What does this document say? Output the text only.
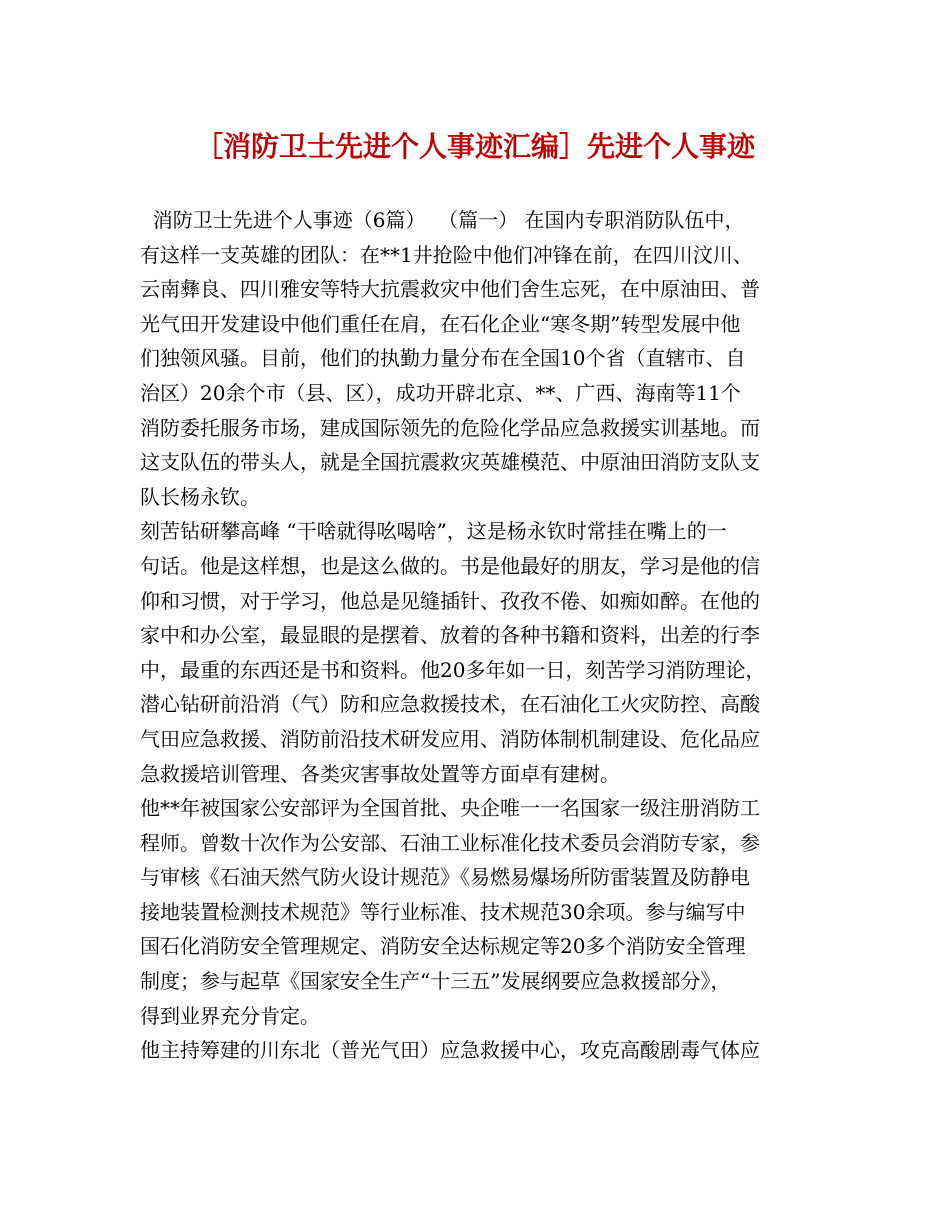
［消防卫士先进个人事迹汇编］先进个人事迹
消防卫士先进个人事迹（6篇）  （篇一） 在国内专职消防队伍中，
有这样一支英雄的团队：在**1井抢险中他们冲锋在前，在四川汶川、
云南彝良、四川雅安等特大抗震救灾中他们舍生忘死，在中原油田、普
光气田开发建设中他们重任在肩，在石化企业“寒冬期”转型发展中他
们独领风骚。目前，他们的执勤力量分布在全国10个省（直辖市、自
治区）20余个市（县、区），成功开辟北京、**、广西、海南等11个
消防委托服务市场，建成国际领先的危险化学品应急救援实训基地。而
这支队伍的带头人，就是全国抗震救灾英雄模范、中原油田消防支队支
队长杨永钦。
刻苦钻研攀高峰 “干啥就得吆喝啥”，这是杨永钦时常挂在嘴上的一
句话。他是这样想，也是这么做的。书是他最好的朋友，学习是他的信
仰和习惯，对于学习，他总是见缝插针、孜孜不倦、如痴如醉。在他的
家中和办公室，最显眼的是摆着、放着的各种书籍和资料，出差的行李
中，最重的东西还是书和资料。他20多年如一日，刻苦学习消防理论，
潜心钻研前沿消（气）防和应急救援技术，在石油化工火灾防控、高酸
气田应急救援、消防前沿技术研发应用、消防体制机制建设、危化品应
急救援培训管理、各类灾害事故处置等方面卓有建树。
他**年被国家公安部评为全国首批、央企唯一一名国家一级注册消防工
程师。曾数十次作为公安部、石油工业标准化技术委员会消防专家，参
与审核《石油天然气防火设计规范》《易燃易爆场所防雷装置及防静电
接地装置检测技术规范》等行业标准、技术规范30余项。参与编写中
国石化消防安全管理规定、消防安全达标规定等20多个消防安全管理
制度；参与起草《国家安全生产“十三五”发展纲要应急救援部分》，
得到业界充分肯定。
他主持筹建的川东北（普光气田）应急救援中心，攻克高酸剧毒气体应
